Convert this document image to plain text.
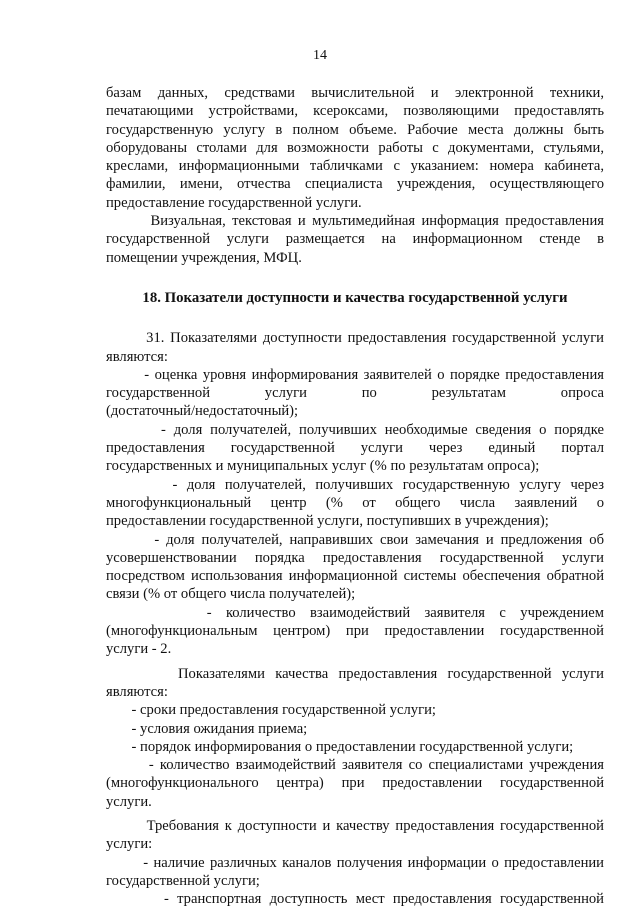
14

базам данных, средствами вычислительной и электронной техники,

печатающими устройствами, ксероксами, позволяющими предоставлять

государственную услугу в полном объеме. Рабочие места должны быть

оборудованы столами для возможности работы с документами, стульями,

креслами, информационными табличками с указанием: номера кабинета,

фамилии, имени, отчества специалиста учреждения, осуществляющего

предоставление государственной услуги.

Визуальная, текстовая и мультимедийная информация предоставления

государственной услуги размещается на информационном стенде в

помещении учреждения, МФЦ.

18. Показатели доступности и качества государственной услуги

31. Показателями доступности предоставления государственной услуги

являются:

- оценка уровня информирования заявителей о порядке предоставления

государственной услуги по результатам опроса

(достаточный/недостаточный);

- доля получателей, получивших необходимые сведения о порядке

предоставления государственной услуги через единый портал

государственных и муниципальных услуг (% по результатам опроса);

- доля получателей, получивших государственную услугу через

многофункциональный центр (% от общего числа заявлений о

предоставлении государственной услуги, поступивших в учреждения);

- доля получателей, направивших свои замечания и предложения об

усовершенствовании порядка предоставления государственной услуги

посредством использования информационной системы обеспечения обратной

связи (% от общего числа получателей);

- количество взаимодействий заявителя с учреждением

(многофункциональным центром) при предоставлении государственной

услуги - 2.

Показателями качества предоставления государственной услуги

являются:

- сроки предоставления государственной услуги;

- условия ожидания приема;

- порядок информирования о предоставлении государственной услуги;

- количество взаимодействий заявителя со специалистами учреждения

(многофункционального центра) при предоставлении государственной

услуги.

Требования к доступности и качеству предоставления государственной

услуги:

- наличие различных каналов получения информации о предоставлении

государственной услуги;

- транспортная доступность мест предоставления государственной
